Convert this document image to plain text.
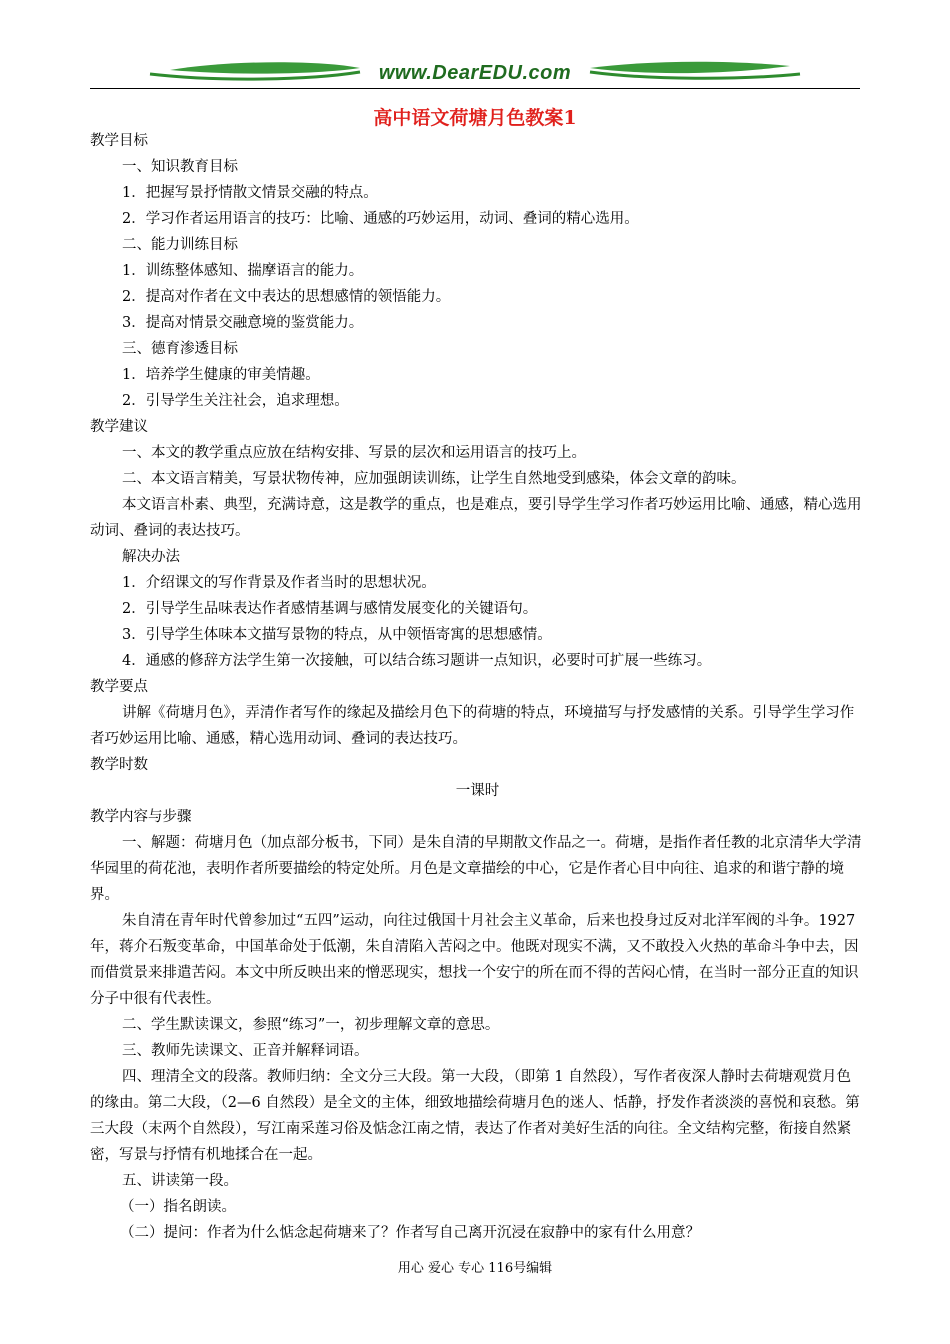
www.DearEDU.com
高中语文荷塘月色教案1

教学目标

一、知识教育目标

1．把握写景抒情散文情景交融的特点。

2．学习作者运用语言的技巧：比喻、通感的巧妙运用，动词、叠词的精心选用。

二、能力训练目标

1．训练整体感知、揣摩语言的能力。

2．提高对作者在文中表达的思想感情的领悟能力。

3．提高对情景交融意境的鉴赏能力。

三、德育渗透目标

1．培养学生健康的审美情趣。

2．引导学生关注社会，追求理想。

教学建议

一、本文的教学重点应放在结构安排、写景的层次和运用语言的技巧上。

二、本文语言精美，写景状物传神，应加强朗读训练，让学生自然地受到感染，体会文章的韵味。

本文语言朴素、典型，充满诗意，这是教学的重点，也是难点，要引导学生学习作者巧妙运用比喻、通感，精心选用动词、叠词的表达技巧。

解决办法

1．介绍课文的写作背景及作者当时的思想状况。

2．引导学生品味表达作者感情基调与感情发展变化的关键语句。

3．引导学生体味本文描写景物的特点，从中领悟寄寓的思想感情。

4．通感的修辞方法学生第一次接触，可以结合练习题讲一点知识，必要时可扩展一些练习。

教学要点

讲解《荷塘月色》，弄清作者写作的缘起及描绘月色下的荷塘的特点，环境描写与抒发感情的关系。引导学生学习作者巧妙运用比喻、通感，精心选用动词、叠词的表达技巧。

教学时数

一课时

教学内容与步骤

一、解题：荷塘月色（加点部分板书，下同）是朱自清的早期散文作品之一。荷塘，是指作者任教的北京清华大学清华园里的荷花池，表明作者所要描绘的特定处所。月色是文章描绘的中心，它是作者心目中向往、追求的和谐宁静的境界。

朱自清在青年时代曾参加过“五四”运动，向往过俄国十月社会主义革命，后来也投身过反对北洋军阀的斗争。1927年，蒋介石叛变革命，中国革命处于低潮，朱自清陷入苦闷之中。他既对现实不满，又不敢投入火热的革命斗争中去，因而借赏景来排遣苦闷。本文中所反映出来的憎恶现实，想找一个安宁的所在而不得的苦闷心情，在当时一部分正直的知识分子中很有代表性。

二、学生默读课文，参照“练习”一，初步理解文章的意思。

三、教师先读课文、正音并解释词语。

四、理清全文的段落。教师归纳：全文分三大段。第一大段，（即第 1 自然段），写作者夜深人静时去荷塘观赏月色的缘由。第二大段，（2—6 自然段）是全文的主体，细致地描绘荷塘月色的迷人、恬静，抒发作者淡淡的喜悦和哀愁。第三大段（末两个自然段），写江南采莲习俗及惦念江南之情，表达了作者对美好生活的向往。全文结构完整，衔接自然紧密，写景与抒情有机地揉合在一起。

五、讲读第一段。

（一）指名朗读。

（二）提问：作者为什么惦念起荷塘来了？作者写自己离开沉浸在寂静中的家有什么用意？

用心 爱心 专心 116号编辑
